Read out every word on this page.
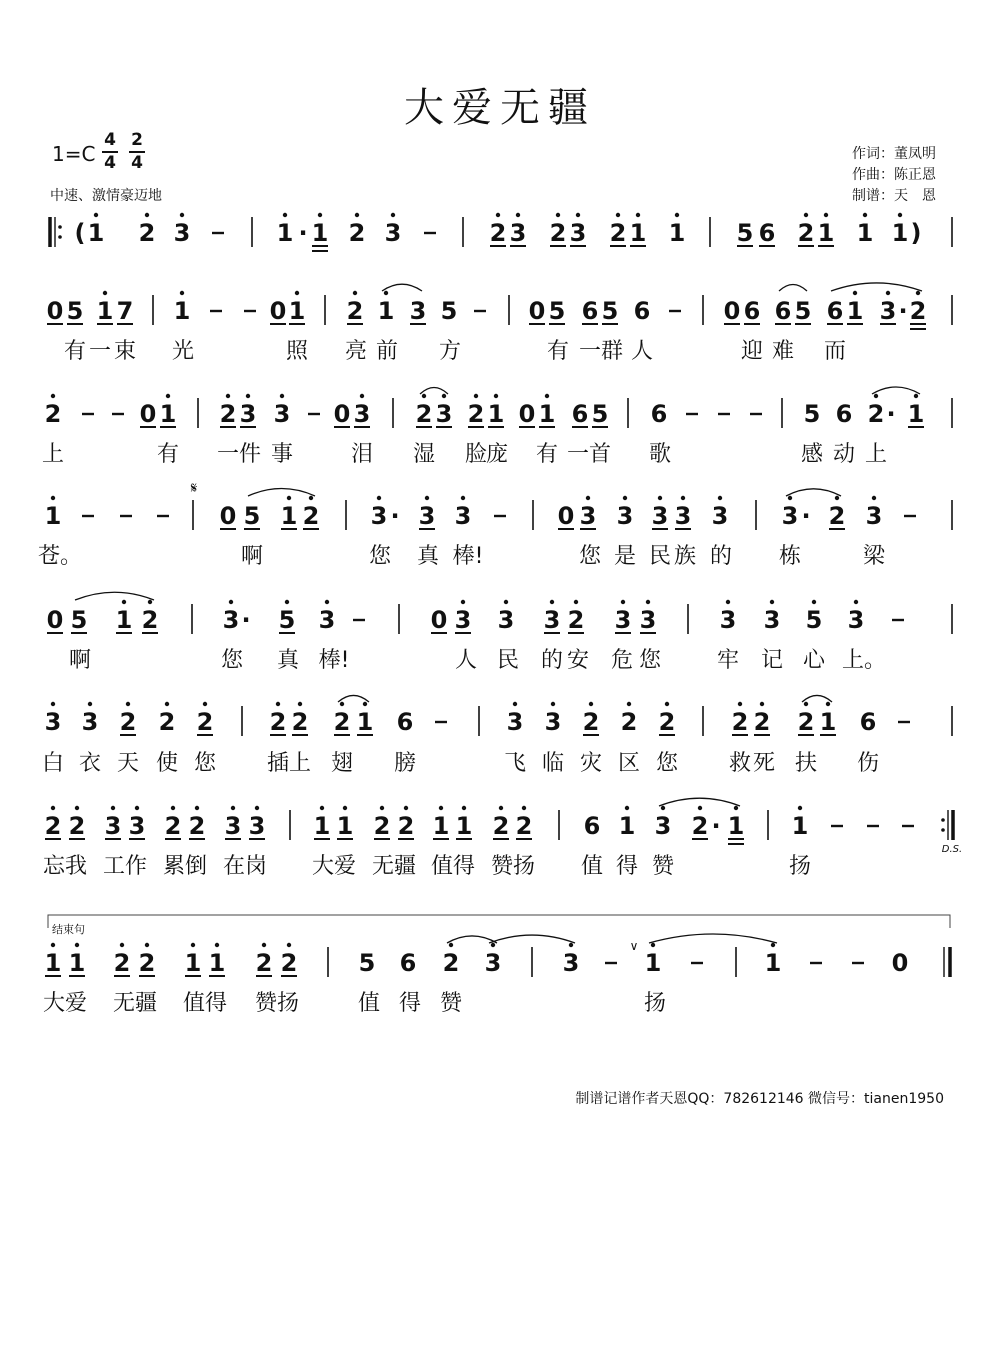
大爱无疆
1=C
4
4
2
4
中速、激情豪迈地
作词：董凤明
作曲：陈正恩
制谱：天　恩
( 1 2 3	1 · 1 2 3	2 3 2 3 2 1 1 5 6 2 1 1 1 )
0 5 1 7 1	0 1 2 1 3 5	0 5 6 5 6	0 6 6 5 6 1 3 · 2
有 一 束 光	照 亮 前 方	有 一 群 人	迎 难 而
2	0 1 2 3 3 0 3 2 3 2 1 0 1 6 5 6	5 6 2 · 1
上	有 一 件 事	泪 湿 脸
庞 有 一 首 歌	感 动 上
1
𝄋
0 5 1 2 3 · 3 3	0 3 3 3 3 3 3 · 2 3
苍。	啊	您 真 棒!	您 是 民 族 的 栋	梁
0 5 1 2	3 · 5 3	0 3 3 3 2 3 3	3 3 5 3
啊	您 真 棒!	人 民 的 安 危 您	牢 记 心 上。
3 3 2 2 2 2 2 2 1 6	3 3 2 2 2 2 2 2 1 6
白 衣 天 使 您 插 上 翅 膀	飞 临 灾 区 您 救 死 扶 伤
2 2 3 3 2 2 3 3 1 1 2 2 1 1 2 2 6 1 3 2 · 1 1
D.S.
忘我 工作 累倒 在岗 大爱 无疆 值得 赞扬 值 得 赞	扬
1 1 2 2 1 1 2 2	5 6 2 3	3
∨
1	1	0
大爱 无疆 值得 赞扬	值 得 赞	扬
结束句
制谱记谱作者天恩QQ：782612146 微信号：tianen1950
